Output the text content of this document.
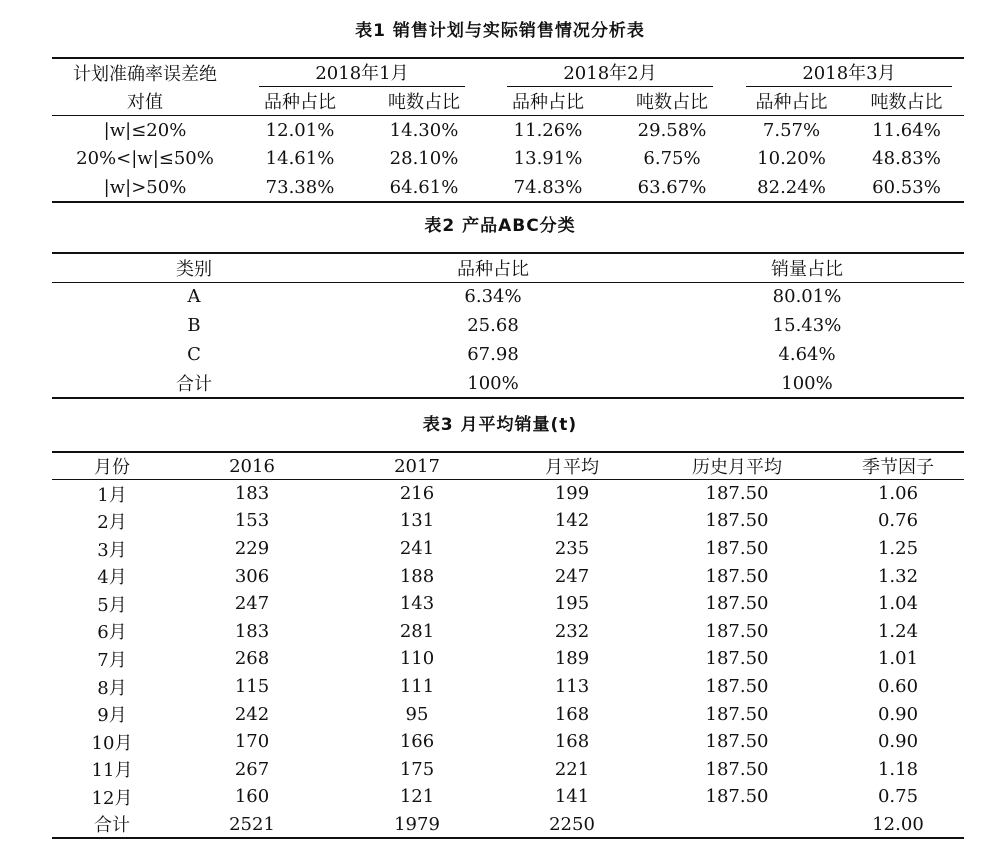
表1 销售计划与实际销售情况分析表
计划准确率误差绝	2018年1月		2018年2月		2018年3月	
对值	品种占比	吨数占比	品种占比	吨数占比	品种占比	吨数占比
|w|≤20%	12.01%	14.30%	11.26%	29.58%	7.57%	11.64%
20%<|w|≤50%	14.61%	28.10%	13.91%	6.75%	10.20%	48.83%
|w|>50%	73.38%	64.61%	74.83%	63.67%	82.24%	60.53%
表2 产品ABC分类
类别	品种占比	销量占比
A	6.34%	80.01%
B	25.68	15.43%
C	67.98	4.64%
合计	100%	100%
表3 月平均销量(t)
月份	2016	2017	月平均	历史月平均	季节因子
1月	183	216	199	187.50	1.06
2月	153	131	142	187.50	0.76
3月	229	241	235	187.50	1.25
4月	306	188	247	187.50	1.32
5月	247	143	195	187.50	1.04
6月	183	281	232	187.50	1.24
7月	268	110	189	187.50	1.01
8月	115	111	113	187.50	0.60
9月	242	95	168	187.50	0.90
10月	170	166	168	187.50	0.90
11月	267	175	221	187.50	1.18
12月	160	121	141	187.50	0.75
合计	2521	1979	2250		12.00
